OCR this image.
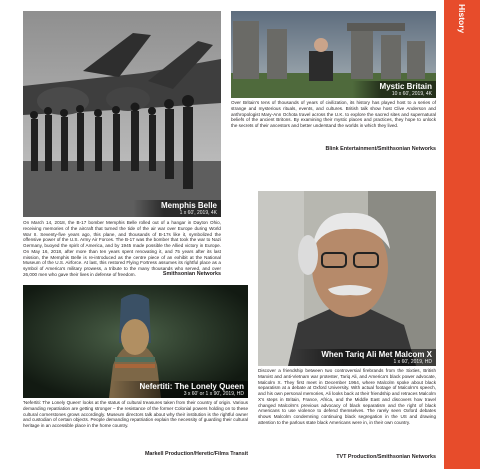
Memphis Belle
1 x 60', 2019, 4K

On March 14, 2018, the B-17 bomber Memphis Belle rolled out of a hangar in Dayton Ohio, receiving memories of the aircraft that turned the tide of the air war over Europe during World War II. Seventy-five years ago, this plane, and thousands of B-17s like it, symbolized the offensive power of the U.S. Army Air Forces. The B-17 was the bomber that took the war to Nazi Germany, buoyed the spirit of America, and by 1945 made possible the Allied victory in Europe. On May 16, 2018, after more than ten years spent renovating it, and 75 years after its last mission, the Memphis Belle is re-introduced as the centre piece of an exhibit at the National Museum of the U.S. Airforce. At last, this restored Flying Fortress assumes its rightful place as a symbol of America's military prowess, a tribute to the many thousands who served, and over 26,000 men who gave their lives in defense of freedom.	Smithsonian Networks
Mystic Britain
10 x 60', 2019, 4K

Over Britain's tens of thousands of years of civilization, its history has played host to a series of strange and mysterious rituals, events, and cultures. British talk show host Clive Anderson and anthropologist Mary-Ann Ochota travel across the U.K. to explore the sacred sites and supernatural beliefs of the ancient Britons. By examining their mystic places and practices, they hope to unlock the secrets of their ancestors and better understand the worlds in which they lived.

Blink Entertainment/Smithsonian Networks
When Tariq Ali Met Malcom X
1 x 60', 2019, HD

Discover a friendship between two controversial firebrands from the Sixties, British Marxist and anti-Vietnam war protester, Tariq Ali, and America's black power advocate, Malcolm X. They first meet in December 1964, where Malcolm spoke about black separatism at a debate at Oxford University. With actual footage of Malcolm's speech, and his own personal memories, Ali looks back at their friendship and retraces Malcolm X's steps in Britain, France, Africa, and the Middle East and discovers how travel changed Malcolm's previous advocacy of black separatism and the right of black Americans to use violence to defend themselves. The rarely seen Oxford debates shows Malcolm condemning continuing black segregation in the US and drawing attention to the parlous state black Americans were in, in their own country.

TVT Production/Smithsonian Networks
Nefertiti: The Lonely Queen
3 x 60' or 1 x 90', 2019, HD

'Nefertiti: The Lonely Queen' looks at the status of cultural treasures taken from their country of origin. Various demanding repatriation are getting stronger – the resistance of the former Colonial powers holding on to these cultural cornerstones grows accordingly. Museum directors talk about why their institution is the rightful owner and custodian of certain objects. People demanding repatriation explain the necessity of guarding their cultural heritage in an accessible place in the home country.

Markell Production/Heretic/Films Transit
History
